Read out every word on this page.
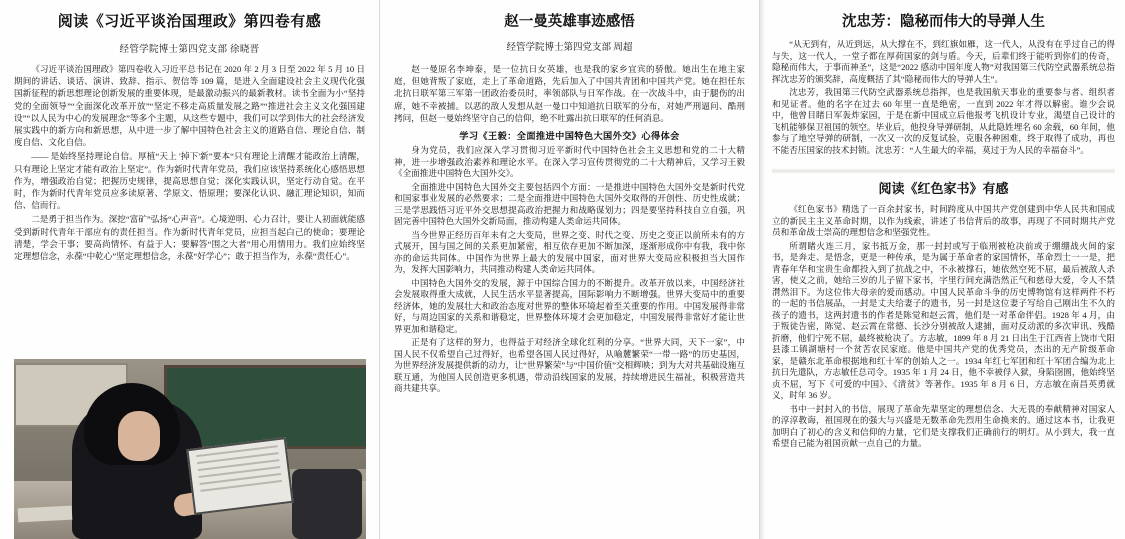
阅读《习近平谈治国理政》第四卷有感
经管学院博士第四党支部 徐晓晋

《习近平谈治国理政》第四卷收入习近平总书记在 2020 年 2 月 3 日至 2022 年 5 月 10 日期间的讲话、谈话、演讲、致辞、指示、贺信等 109 篇，是进入全面建设社会主义现代化强国新征程的新思想理论创新发展的重要体现，是最激动振兴的最新教材。读书全面为小“坚持党的全面领导”“全面深化改革开放”“坚定不移走高质量发展之路”“推进社会主义文化强国建设”“以人民为中心的发展理念”等多个主题，从这些专题中，我们可以学到伟大的社会经济发展实践中的新方向和新思想，从中进一步了解中国特色社会主义的道路自信、理论自信、制度自信、文化自信。

—— 是始终坚持理论自信。厚植“天上 '掉下'新”要本“只有理论上清醒才能政治上清醒，只有理论上坚定才能有政治上坚定”。作为新时代青年党员，我们应该坚持系统化心感悟思想作为，增强政治自觉；把握历史规律，提高思想自觉；深化实践认识，坚定行动自觉。在平时，作为新时代青年党员应多读原著、学原文、悟原理；要深化认识、融汇理论知识，知而信、信而行。

二是勇于担当作为。深挖“富矿”弘扬“心声音”。心境逆明、心力召计，要让人初面就能感受到新时代青年干部应有的责任担当。作为新时代青年党员，应担当起白己的使命；要理论清楚，学会干事；要高尚情怀、有益于人；要解答“围之大者”用心用情用力。我们应始终坚定理想信念，永葆“中乾心”坚定理想信念，永葆“好学心”；敢于担当作为，永葆“责任心”。

赵一曼英雄事迹感悟
经管学院博士第四党支部 周超

赵一曼原名李坤泰，是一位抗日女英雄，也是我的家乡宜宾的骄傲。她出生在地主家庭，但她背叛了家庭，走上了革命道路，先后加入了中国共青团和中国共产党。她在担任东北抗日联军第三军第一团政治委员时，率领部队与日军作战。在一次战斗中，由于腿伤的出席，她不幸被捕。以恶的敌人发想从赵一曼口中知道抗日联军的分布，对她严刑逼问、酷刑拷问，但赵一曼始终坚守自己的信仰，绝不吐露出抗日联军的任何消息。

学习《王毅：全面推进中国特色大国外交》心得体会

身为党员，我们应深入学习贯彻习近平新时代中国特色社会主义思想和党的二十大精神，进一步增强政治素养和理论水平。在深入学习宣传贯彻党的二十大精神后，又学习王毅《全面推进中国特色大国外交》。

全面推进中国特色大国外交主要包括四个方面：一是推进中国特色大国外交是新时代党和国家事业发展的必然要求；二是全面推进中国特色大国外交取得的开创性、历史性成就；三是学思践悟习近平外交思想提高政治把握力和战略谋划力；四是要坚持科技自立自强，巩固完善中国特色大国外交新局面，推动构建人类命运共同体。

当今世界正经历百年未有之大变局，世界之变、时代之变、历史之变正以前所未有的方式展开，国与国之间的关系更加紧密，相互依存更加不断加深，逐渐形成你中有我，我中你亦的命运共同体。中国作为世界上最大的发展中国家，面对世界大变局应积极担当大国作为，发挥大国影响力，共同推动构建人类命运共同体。

中国特色大国外交的发展，源于中国综合国力的不断提升。改革开放以来，中国经济社会发展取得重大成就，人民生活水平显著提高，国际影响力不断增强。世界大变局中的重要经济体，她的发展壮大和政治态度对世界的整体环境起着至关重要的作用。中国发展得非常好，与周边国家的关系和谐稳定，世界整体环境才会更加稳定，中国发展得非常好才能让世界更加和谐稳定。

正是有了这样的努力，也得益于对经济全球化红利的分享。“世界大同，天下一家”，中国人民不仅希望自己过得好，也希望各国人民过得好，从喻麓繁荣“一带一路”的历史基因，为世界经济发展提供新的动力，让“世界繁荣”与“中国价值”交相辉映；到为大对共基础设施互联互通，为他国人民创造更多机遇，带动沿线国家的发展，持续增进民生福祉，积极营造共商共建共享。

沈忠芳：隐秘而伟大的导弹人生

“从无到有，从近到远，从大撑在不，到红旗如雁，这一代人，从没有在乎过自己的得与失，这一代人，一堂子都在厚荷国家的剑与盾。今天，后辈们终于能听到你们的传奇，隐秘而伟大，于事而神圣”，这是“2022 感动中国年度人物”对我国第三代防空武器系统总指挥沈忠芳的颁奖辞，高度概括了其“隐秘而伟大的导弹人生”。

沈忠芳，我国第三代防空武器系统总指挥，也是我国航天事业的重要参与者、组织者和见证者。他的名字在过去 60 年里一直是绝密，一直到 2022 年才得以解密。谁少会说中，他曾目睹日军轰炸家园，于是在新中国成立后他报考飞机设计专业，渴望自己设计的飞机能够保卫祖国的领空。毕业后，他投身导弹研制，从此隐姓埋名 60 余载，60 年间，他参与了地空导弹的研制，一次又一次的反复试验，克服各种困难，终于取得了成功，再也不能否压国家的技术封锁。沈忠芳：“人生最大的幸福，莫过于为人民的幸福奋斗”。

阅读《红色家书》有感

《红色家书》精选了一百余封家书，时间跨度从中国共产党创建到中华人民共和国成立的新民主主义革命时期，以作为线索，讲述了书信背后的故事，再现了不同时期共产党员和革命战士崇高的理想信念和坚强党性。

所谓睹火连三月，家书抵万金，那一封封或写于临刑被枪决前或于绷绷战火间的家书，是奔走、是悟念，更是一种传承，是为属于革命者的家国情怀，革命烈士一一是，把青春年华和宝贵生命都投入到了抗战之中，不永被撑石，她依然空死不屈，最后被敌人杀害，使义之前，她给三岁的儿子留下家书，字里行间充满浩然正气和慈母大爱，令人不禁潸然泪下。为这位伟大母亲的爱而感动。中国人民革命斗争的历史博物馆有这样两件不朽的一起的书信展品，一封是丈夫给妻子的遗书，另一封是这位妻子写给自己刚出生不久的孩子的遗书，这两封遗书的作者是陈觉和赵云霄，他们是一对革命伴侣。1928 年 4 月，由于叛徒告密，陈觉、赵云霄在常德、长沙分别被敌人逮捕，面对反动派的多次审讯、残酷折磨，他们宁死不屈，最终被枪决了。方志敏，1899 年 8 月 21 日出生于江西省上饶市弋阳县漆工镇湖塘村一个贫苦农民家庭。他是中国共产党的优秀党员，杰出的无产阶级革命家，是赣东北革命根据地和红十军的创始人之一。1934 年红七军团和红十军团合编为北上抗日先遣队，方志敏任总司令。1935 年 1 月 24 日，他不幸被俘入狱，身陷囹圄，他始终坚贞不屈，写下《可爱的中国》、《清贫》等著作。1935 年 8 月 6 日，方志敏在南昌英勇就义，时年 36 岁。

书中一封封入的书信，展现了革命先辈坚定的理想信念、大无畏的奉献精神对国家人的淳淳教诲，祖国现在的强大与兴盛是无数革命先烈用生命换来的。通过这本书，让我更加明白了初心的含义和信仰的力量，它们是支撑我们正确前行的明灯。从小到大，我一直希望自己能为祖国贡献一点自己的力量。
